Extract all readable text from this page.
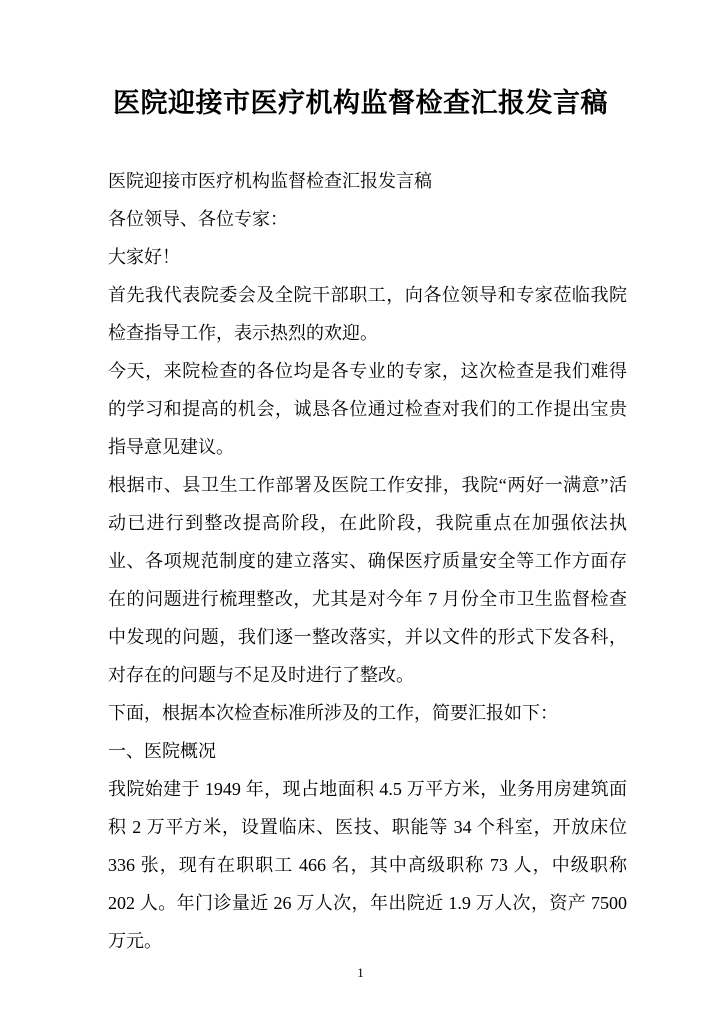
医院迎接市医疗机构监督检查汇报发言稿

医院迎接市医疗机构监督检查汇报发言稿

各位领导、各位专家：

大家好！

首先我代表院委会及全院干部职工，向各位领导和专家莅临我院检查指导工作，表示热烈的欢迎。

今天，来院检查的各位均是各专业的专家，这次检查是我们难得的学习和提高的机会，诚恳各位通过检查对我们的工作提出宝贵指导意见建议。

根据市、县卫生工作部署及医院工作安排，我院“两好一满意”活动已进行到整改提高阶段，在此阶段，我院重点在加强依法执业、各项规范制度的建立落实、确保医疗质量安全等工作方面存在的问题进行梳理整改，尤其是对今年 7 月份全市卫生监督检查中发现的问题，我们逐一整改落实，并以文件的形式下发各科，对存在的问题与不足及时进行了整改。

下面，根据本次检查标准所涉及的工作，简要汇报如下：

一、医院概况

我院始建于 1949 年，现占地面积 4.5 万平方米，业务用房建筑面积 2 万平方米，设置临床、医技、职能等 34 个科室，开放床位 336 张，现有在职职工 466 名，其中高级职称 73 人，中级职称 202 人。年门诊量近 26 万人次，年出院近 1.9 万人次，资产 7500 万元。

1
